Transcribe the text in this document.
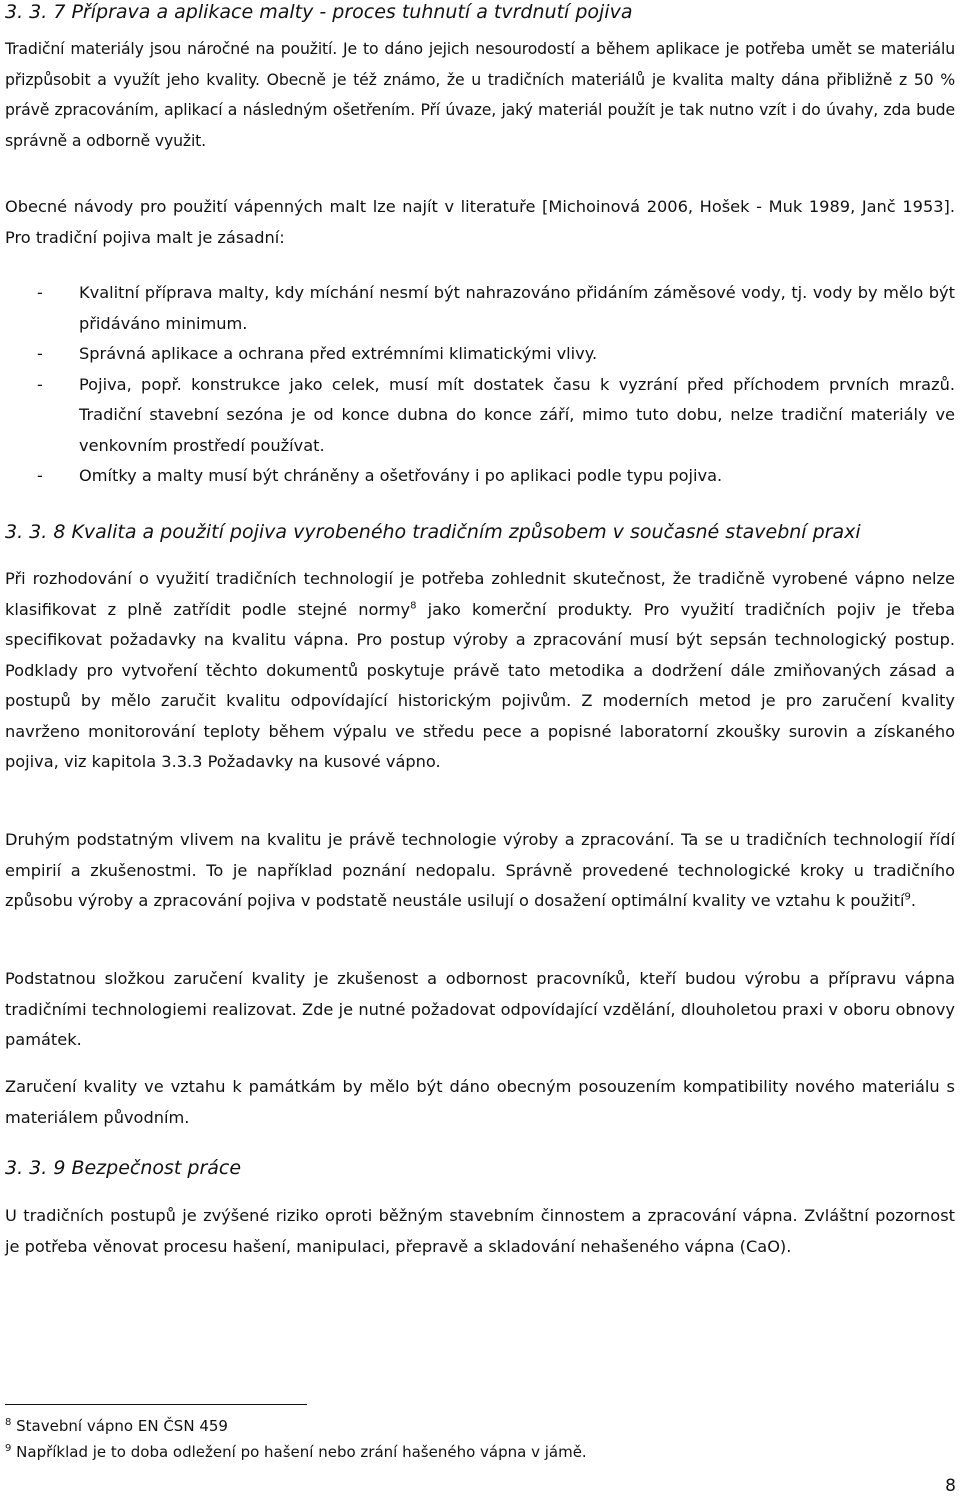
3. 3. 7 Příprava a aplikace malty - proces tuhnutí a tvrdnutí pojiva

Tradiční materiály jsou náročné na použití. Je to dáno jejich nesourodostí a během aplikace je potřeba umět se materiálu přizpůsobit a využít jeho kvality. Obecně je též známo, že u tradičních materiálů je kvalita malty dána přibližně z 50 % právě zpracováním, aplikací a následným ošetřením. Pří úvaze, jaký materiál použít je tak nutno vzít i do úvahy, zda bude správně a odborně využit.

Obecné návody pro použití vápenných malt lze najít v literatuře [Michoinová 2006, Hošek - Muk 1989, Janč 1953]. Pro tradiční pojiva malt je zásadní:

- Kvalitní příprava malty, kdy míchání nesmí být nahrazováno přidáním záměsové vody, tj. vody by mělo být přidáváno minimum.
- Správná aplikace a ochrana před extrémními klimatickými vlivy.
- Pojiva, popř. konstrukce jako celek, musí mít dostatek času k vyzrání před příchodem prvních mrazů. Tradiční stavební sezóna je od konce dubna do konce září, mimo tuto dobu, nelze tradiční materiály ve venkovním prostředí používat.
- Omítky a malty musí být chráněny a ošetřovány i po aplikaci podle typu pojiva.
3. 3. 8 Kvalita a použití pojiva vyrobeného tradičním způsobem v současné stavební praxi

Při rozhodování o využití tradičních technologií je potřeba zohlednit skutečnost, že tradičně vyrobené vápno nelze klasifikovat z plně zatřídit podle stejné normy$^8$ jako komerční produkty. Pro využití tradičních pojiv je třeba specifikovat požadavky na kvalitu vápna. Pro postup výroby a zpracování musí být sepsán technologický postup. Podklady pro vytvoření těchto dokumentů poskytuje právě tato metodika a dodržení dále zmiňovaných zásad a postupů by mělo zaručit kvalitu odpovídající historickým pojivům. Z moderních metod je pro zaručení kvality navrženo monitorování teploty během výpalu ve středu pece a popisné laboratorní zkoušky surovin a získaného pojiva, viz kapitola 3.3.3 Požadavky na kusové vápno.

Druhým podstatným vlivem na kvalitu je právě technologie výroby a zpracování. Ta se u tradičních technologií řídí empirií a zkušenostmi. To je například poznání nedopalu. Správně provedené technologické kroky u tradičního způsobu výroby a zpracování pojiva v podstatě neustále usilují o dosažení optimální kvality ve vztahu k použití$^9$.

Podstatnou složkou zaručení kvality je zkušenost a odbornost pracovníků, kteří budou výrobu a přípravu vápna tradičními technologiemi realizovat. Zde je nutné požadovat odpovídající vzdělání, dlouholetou praxi v oboru obnovy památek.

Zaručení kvality ve vztahu k památkám by mělo být dáno obecným posouzením kompatibility nového materiálu s materiálem původním.

3. 3. 9 Bezpečnost práce

U tradičních postupů je zvýšené riziko oproti běžným stavebním činnostem a zpracování vápna. Zvláštní pozornost je potřeba věnovat procesu hašení, manipulaci, přepravě a skladování nehašeného vápna (CaO).

$^8$ Stavební vápno EN ČSN 459
$^9$ Například je to doba odležení po hašení nebo zrání hašeného vápna v jámě.
8
